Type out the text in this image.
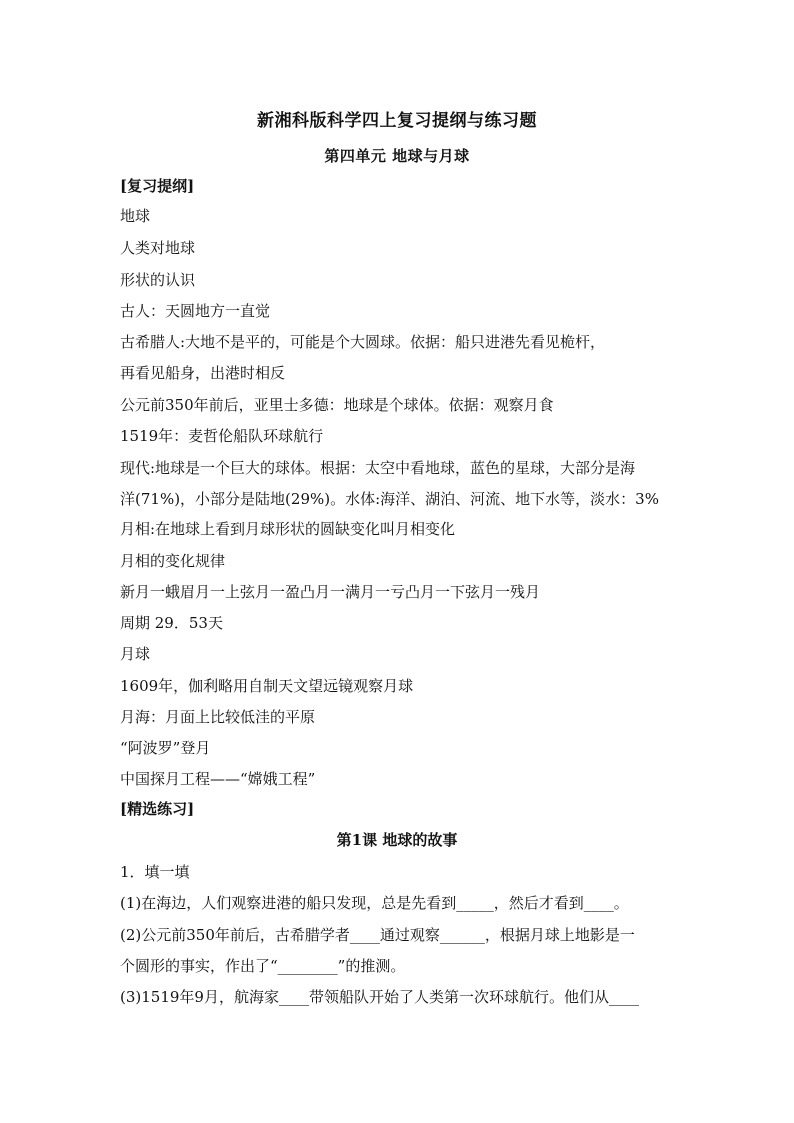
新湘科版科学四上复习提纲与练习题
第四单元 地球与月球
[复习提纲]
地球
人类对地球
形状的认识
古人：天圆地方一直觉
古希腊人:大地不是平的，可能是个大圆球。依据：船只进港先看见桅杆，
再看见船身，出港时相反
公元前350年前后，亚里士多德：地球是个球体。依据：观察月食
1519年：麦哲伦船队环球航行
现代:地球是一个巨大的球体。根据：太空中看地球，蓝色的星球，大部分是海
洋(71%)，小部分是陆地(29%)。水体:海洋、湖泊、河流、地下水等，淡水：3%
月相:在地球上看到月球形状的圆缺变化叫月相变化
月相的变化规律
新月一蛾眉月一上弦月一盈凸月一满月一亏凸月一下弦月一残月
周期 29．53天
月球
1609年，伽利略用自制天文望远镜观察月球
月海：月面上比较低洼的平原
“阿波罗”登月
中国探月工程——“嫦娥工程”
[精选练习]
第1课 地球的故事
1．填一填
(1)在海边，人们观察进港的船只发现，总是先看到_____，然后才看到____。
(2)公元前350年前后，古希腊学者____通过观察______，根据月球上地影是一
个圆形的事实，作出了“________”的推测。
(3)1519年9月，航海家____带领船队开始了人类第一次环球航行。他们从____
